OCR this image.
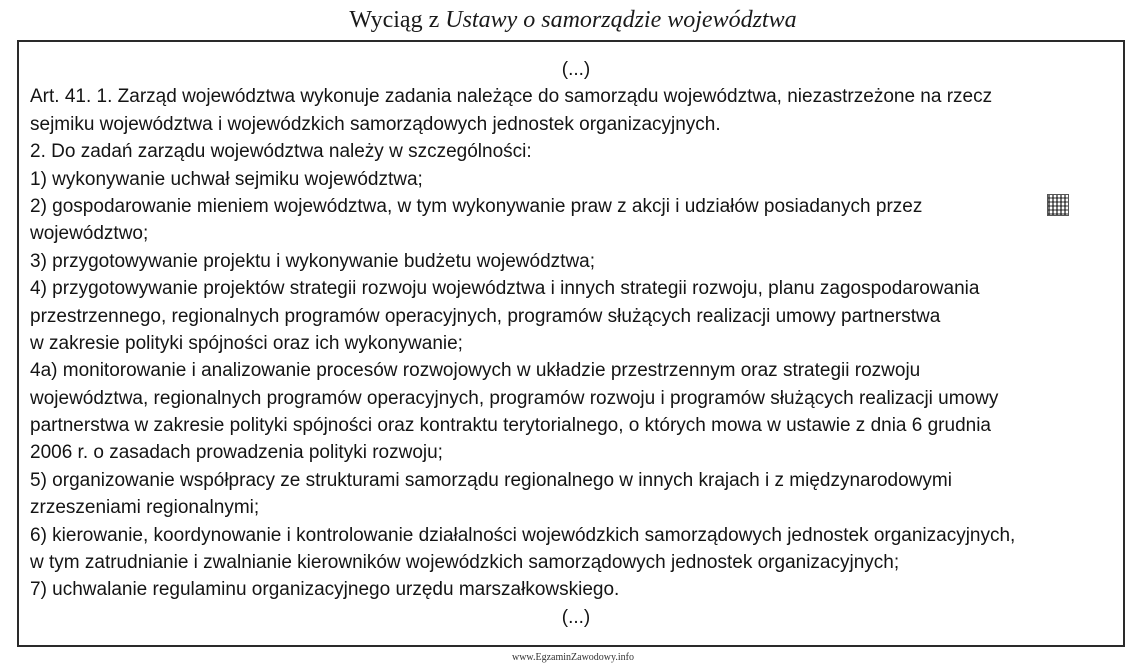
Wyciąg z Ustawy o samorządzie województwa
(...)
Art. 41. 1. Zarząd województwa wykonuje zadania należące do samorządu województwa, niezastrzeżone na rzecz
sejmiku województwa i wojewódzkich samorządowych jednostek organizacyjnych.
2. Do zadań zarządu województwa należy w szczególności:
1) wykonywanie uchwał sejmiku województwa;
2) gospodarowanie mieniem województwa, w tym wykonywanie praw z akcji i udziałów posiadanych przez
województwo;
3) przygotowywanie projektu i wykonywanie budżetu województwa;
4) przygotowywanie projektów strategii rozwoju województwa i innych strategii rozwoju, planu zagospodarowania
przestrzennego, regionalnych programów operacyjnych, programów służących realizacji umowy partnerstwa
w zakresie polityki spójności oraz ich wykonywanie;
4a) monitorowanie i analizowanie procesów rozwojowych w układzie przestrzennym oraz strategii rozwoju
województwa, regionalnych programów operacyjnych, programów rozwoju i programów służących realizacji umowy
partnerstwa w zakresie polityki spójności oraz kontraktu terytorialnego, o których mowa w ustawie z dnia 6 grudnia
2006 r. o zasadach prowadzenia polityki rozwoju;
5) organizowanie współpracy ze strukturami samorządu regionalnego w innych krajach i z międzynarodowymi
zrzeszeniami regionalnymi;
6) kierowanie, koordynowanie i kontrolowanie działalności wojewódzkich samorządowych jednostek organizacyjnych,
w tym zatrudnianie i zwalnianie kierowników wojewódzkich samorządowych jednostek organizacyjnych;
7) uchwalanie regulaminu organizacyjnego urzędu marszałkowskiego.
(...)
www.EgzaminZawodowy.info
